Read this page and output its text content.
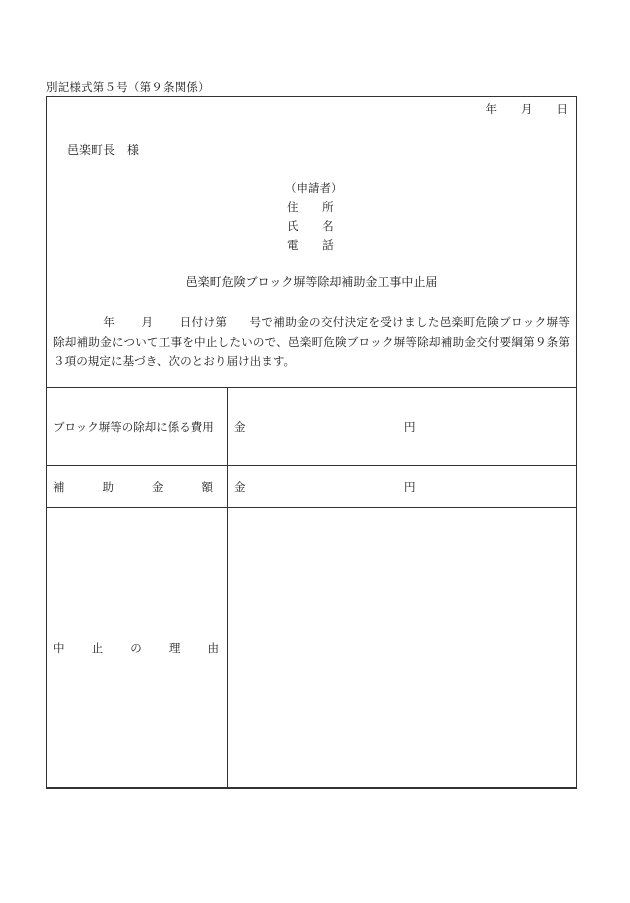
別記様式第５号（第９条関係）
年 月 日
邑楽町長　様
（申請者）
住 所
氏 名
電 話
邑楽町危険ブロック塀等除却補助金工事中止届
年 月 日付け第 号で補助金の交付決定を受けました邑楽町危険ブロック塀等除却補助金について工事を中止したいので、邑楽町危険ブロック塀等除却補助金交付要綱第９条第３項の規定に基づき、次のとおり届け出ます。
ブロック塀等の除却に係る費用	金 円

補 助 金 額	金 円

中 止 の 理 由	
